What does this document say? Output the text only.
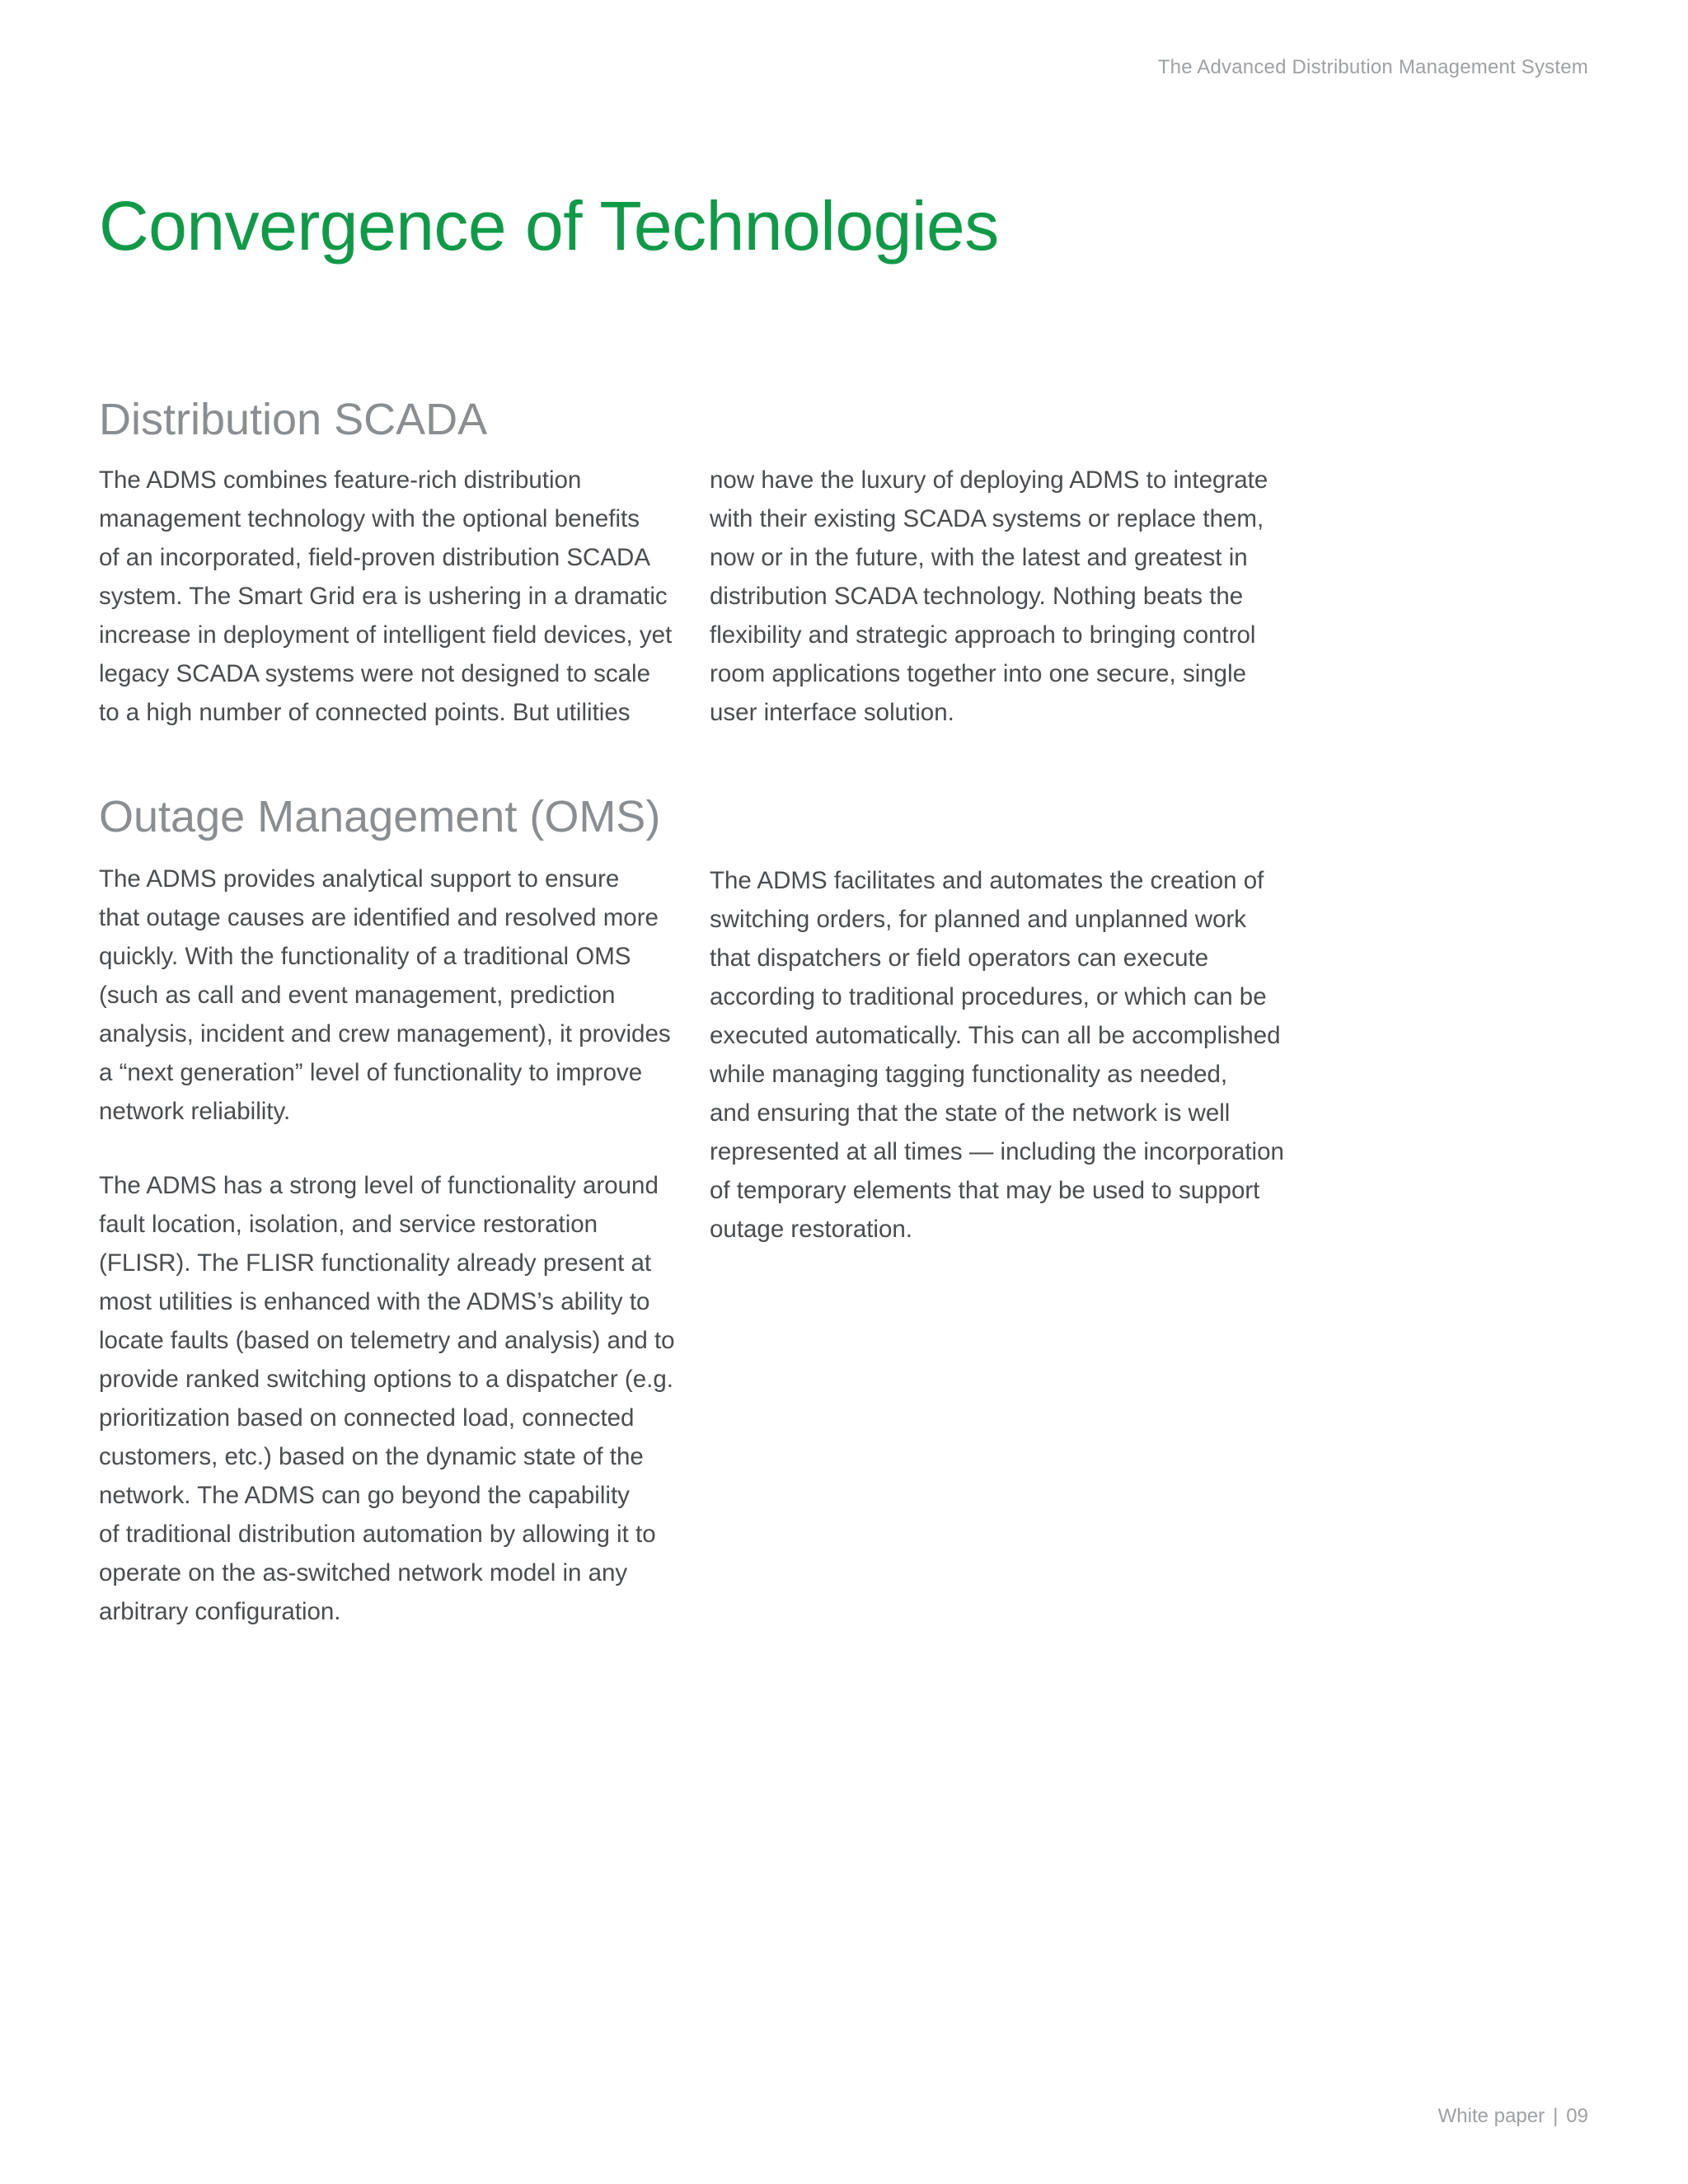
The Advanced Distribution Management System
Convergence of Technologies
Distribution SCADA

The ADMS combines feature-rich distribution
management technology with the optional benefits
of an incorporated, field-proven distribution SCADA
system. The Smart Grid era is ushering in a dramatic
increase in deployment of intelligent field devices, yet
legacy SCADA systems were not designed to scale
to a high number of connected points. But utilities

now have the luxury of deploying ADMS to integrate
with their existing SCADA systems or replace them,
now or in the future, with the latest and greatest in
distribution SCADA technology. Nothing beats the
flexibility and strategic approach to bringing control
room applications together into one secure, single
user interface solution.

Outage Management (OMS)

The ADMS provides analytical support to ensure
that outage causes are identified and resolved more
quickly. With the functionality of a traditional OMS
(such as call and event management, prediction
analysis, incident and crew management), it provides
a “next generation” level of functionality to improve
network reliability.

The ADMS has a strong level of functionality around
fault location, isolation, and service restoration
(FLISR). The FLISR functionality already present at
most utilities is enhanced with the ADMS’s ability to
locate faults (based on telemetry and analysis) and to
provide ranked switching options to a dispatcher (e.g.
prioritization based on connected load, connected
customers, etc.) based on the dynamic state of the
network. The ADMS can go beyond the capability
of traditional distribution automation by allowing it to
operate on the as-switched network model in any
arbitrary configuration.

The ADMS facilitates and automates the creation of
switching orders, for planned and unplanned work
that dispatchers or field operators can execute
according to traditional procedures, or which can be
executed automatically. This can all be accomplished
while managing tagging functionality as needed,
and ensuring that the state of the network is well
represented at all times — including the incorporation
of temporary elements that may be used to support
outage restoration.

White paper | 09
